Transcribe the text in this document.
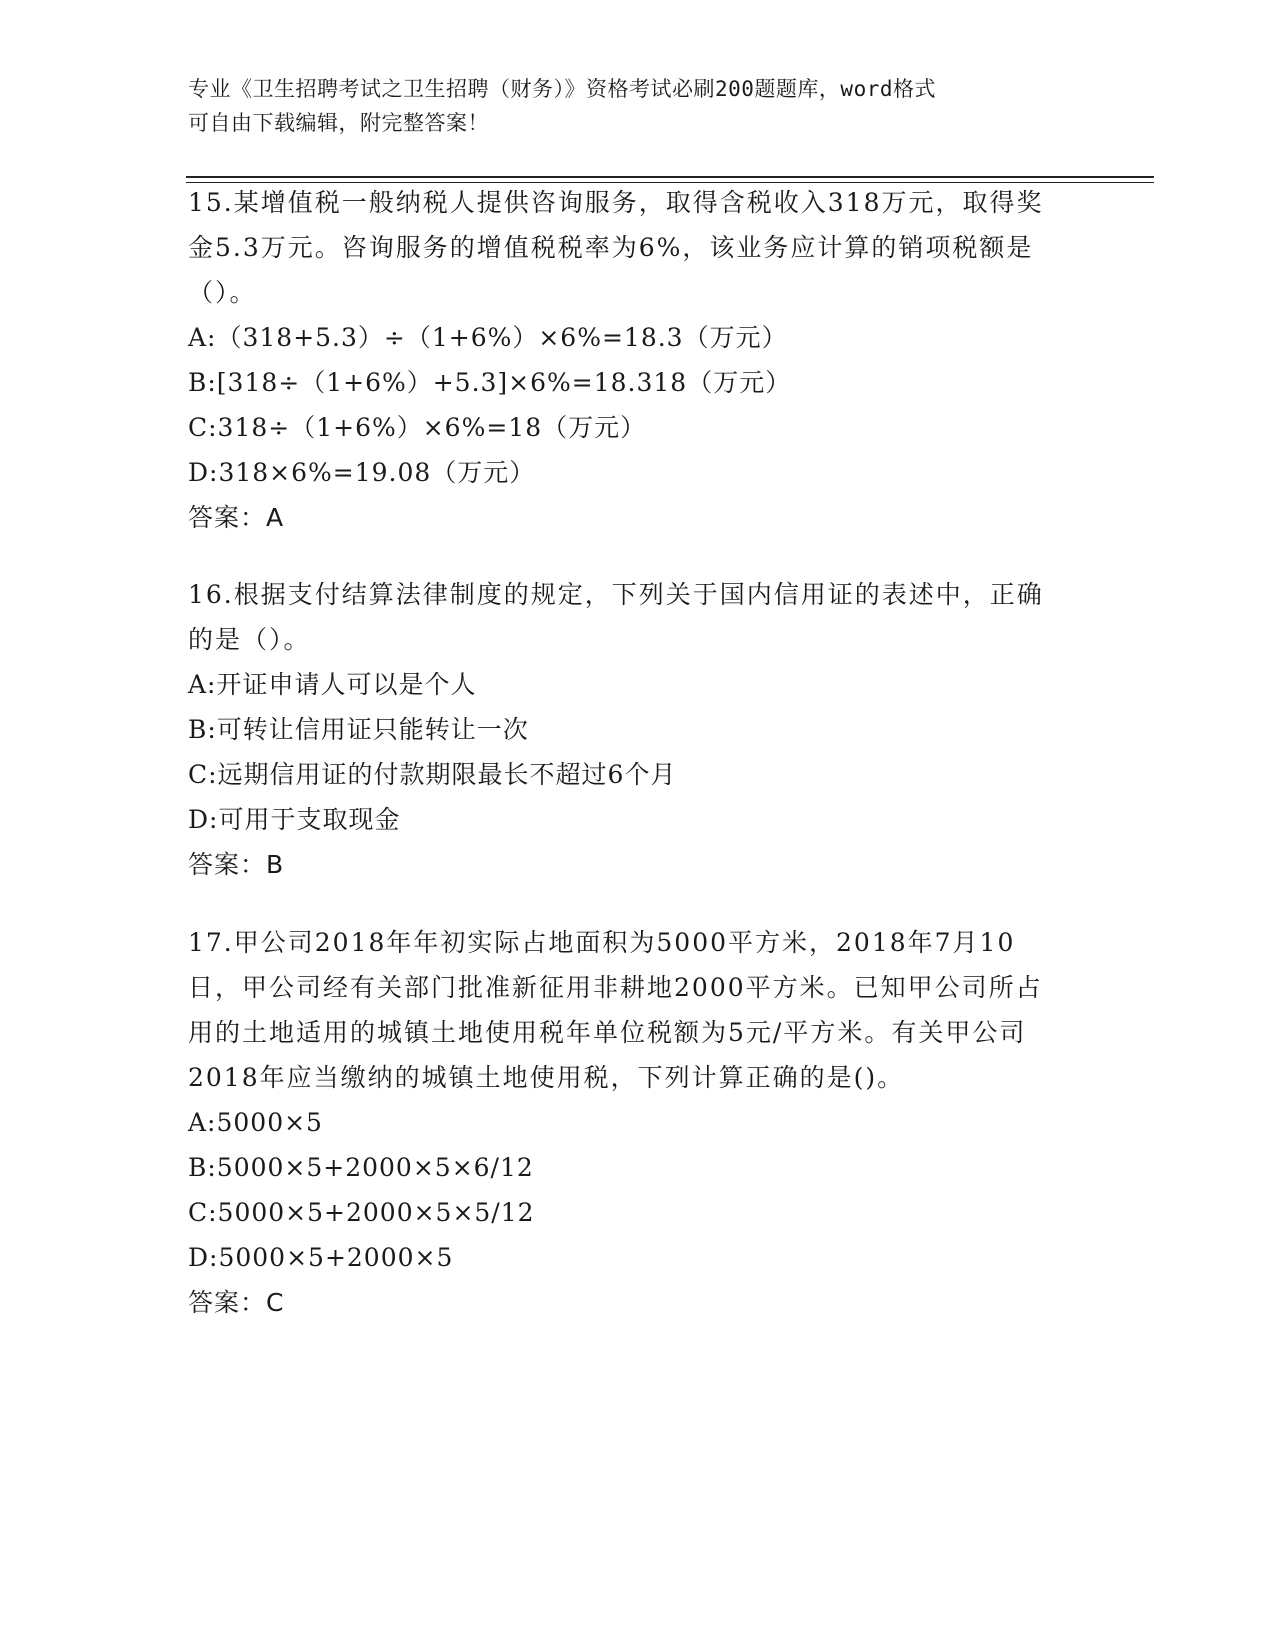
专业《卫生招聘考试之卫生招聘（财务）》资格考试必刷200题题库，word格式
可自由下载编辑，附完整答案！

15.某增值税一般纳税人提供咨询服务，取得含税收入318万元，取得奖金5.3万元。咨询服务的增值税税率为6%，该业务应计算的销项税额是（）。

A:（318+5.3）÷（1+6%）×6%=18.3（万元）

B:[318÷（1+6%）+5.3]×6%=18.318（万元）

C:318÷（1+6%）×6%=18（万元）

D:318×6%=19.08（万元）

答案：A

16.根据支付结算法律制度的规定，下列关于国内信用证的表述中，正确的是（）。

A:开证申请人可以是个人

B:可转让信用证只能转让一次

C:远期信用证的付款期限最长不超过6个月

D:可用于支取现金

答案：B

17.甲公司2018年年初实际占地面积为5000平方米，2018年7月10日，甲公司经有关部门批准新征用非耕地2000平方米。已知甲公司所占用的土地适用的城镇土地使用税年单位税额为5元/平方米。有关甲公司2018年应当缴纳的城镇土地使用税，下列计算正确的是()。

A:5000×5

B:5000×5+2000×5×6/12

C:5000×5+2000×5×5/12

D:5000×5+2000×5

答案：C
